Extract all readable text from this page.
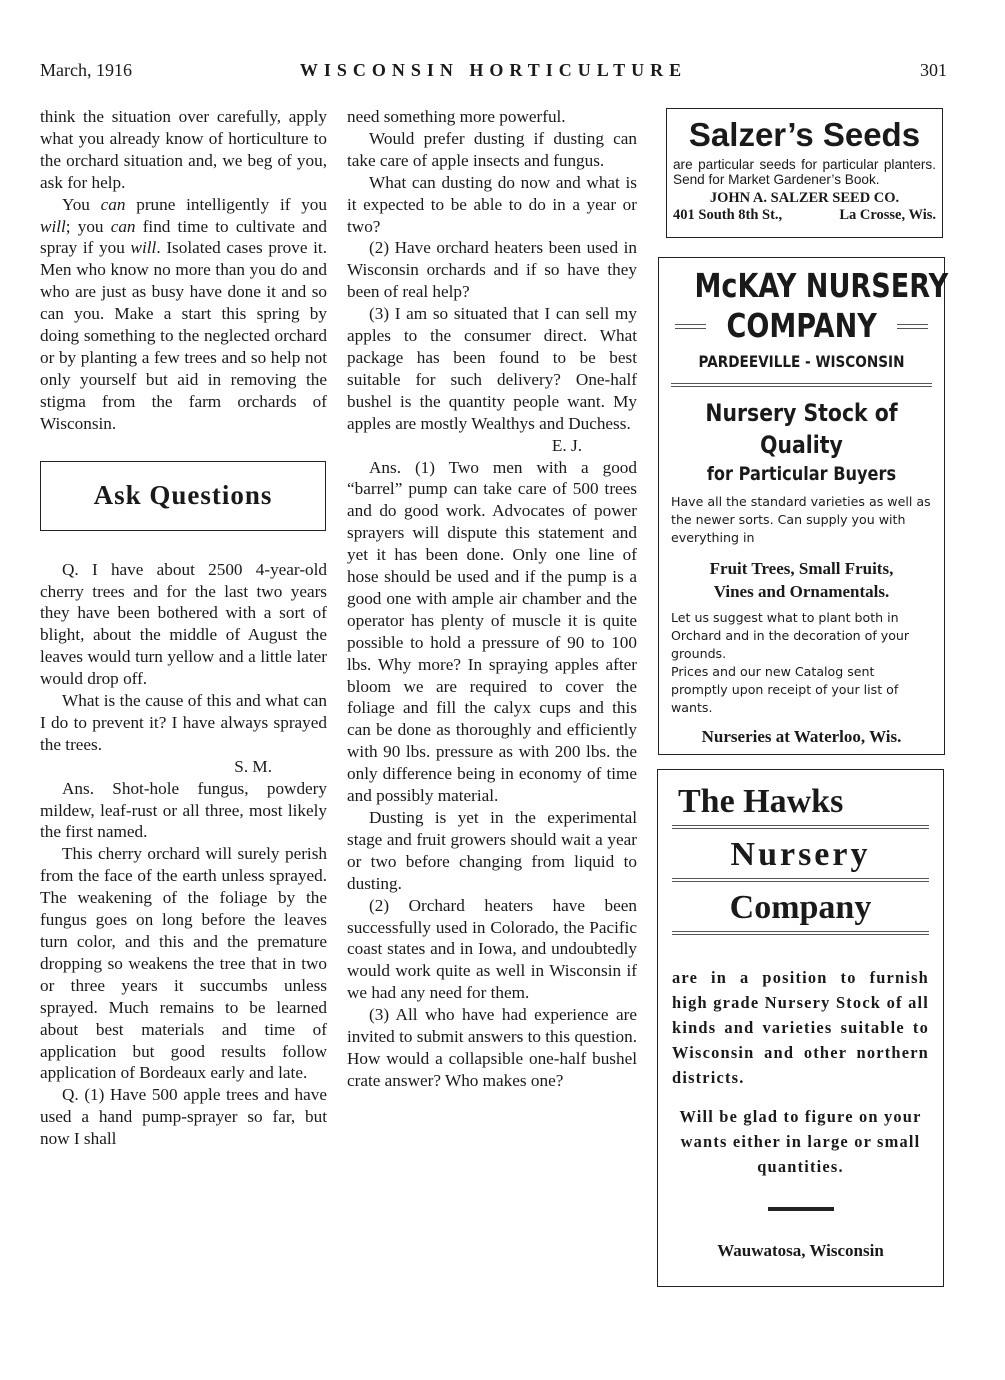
March, 1916	WISCONSIN HORTICULTURE	301

think the situation over carefully, apply what you already know of horticulture to the orchard situation and, we beg of you, ask for help.

You can prune intelligently if you will; you can find time to cultivate and spray if you will. Isolated cases prove it. Men who know no more than you do and who are just as busy have done it and so can you. Make a start this spring by doing something to the neglected orchard or by planting a few trees and so help not only yourself but aid in removing the stigma from the farm orchards of Wisconsin.

Ask Questions

Q. I have about 2500 4-year-old cherry trees and for the last two years they have been bothered with a sort of blight, about the middle of August the leaves would turn yellow and a little later would drop off.

What is the cause of this and what can I do to prevent it? I have always sprayed the trees.

S. M.

Ans. Shot-hole fungus, powdery mildew, leaf-rust or all three, most likely the first named.

This cherry orchard will surely perish from the face of the earth unless sprayed. The weakening of the foliage by the fungus goes on long before the leaves turn color, and this and the premature dropping so weakens the tree that in two or three years it succumbs unless sprayed. Much remains to be learned about best materials and time of application but good results follow application of Bordeaux early and late.

Q. (1) Have 500 apple trees and have used a hand pump-sprayer so far, but now I shall

need something more powerful.

Would prefer dusting if dusting can take care of apple insects and fungus.

What can dusting do now and what is it expected to be able to do in a year or two?

(2) Have orchard heaters been used in Wisconsin orchards and if so have they been of real help?

(3) I am so situated that I can sell my apples to the consumer direct. What package has been found to be best suitable for such delivery? One-half bushel is the quantity people want. My apples are mostly Wealthys and Duchess.

E. J.

Ans. (1) Two men with a good “barrel” pump can take care of 500 trees and do good work. Advocates of power sprayers will dispute this statement and yet it has been done. Only one line of hose should be used and if the pump is a good one with ample air chamber and the operator has plenty of muscle it is quite possible to hold a pressure of 90 to 100 lbs. Why more? In spraying apples after bloom we are required to cover the foliage and fill the calyx cups and this can be done as thoroughly and efficiently with 90 lbs. pressure as with 200 lbs. the only difference being in economy of time and possibly material.

Dusting is yet in the experimental stage and fruit growers should wait a year or two before changing from liquid to dusting.

(2) Orchard heaters have been successfully used in Colorado, the Pacific coast states and in Iowa, and undoubtedly would work quite as well in Wisconsin if we had any need for them.

(3) All who have had experience are invited to submit answers to this question. How would a collapsible one-half bushel crate answer? Who makes one?

Salzer’s Seeds
are particular seeds for particular planters. Send for Market Gardener’s Book.
JOHN A. SALZER SEED CO.
401 South 8th St.,	La Crosse, Wis.
McKAY NURSERY
COMPANY
PARDEEVILLE - WISCONSIN
Nursery Stock of
Quality
for Particular Buyers
Have all the standard varieties as well as the newer sorts. Can supply you with everything in
Fruit Trees, Small Fruits,
Vines and Ornamentals.
Let us suggest what to plant both in Orchard and in the decoration of your grounds.
Prices and our new Catalog sent promptly upon receipt of your list of wants.
Nurseries at Waterloo, Wis.
The Hawks
Nursery
Company
are in a position to furnish high grade Nursery Stock of all kinds and varieties suitable to Wisconsin and other northern districts.
Will be glad to figure on your wants either in large or small quantities.
Wauwatosa, Wisconsin
